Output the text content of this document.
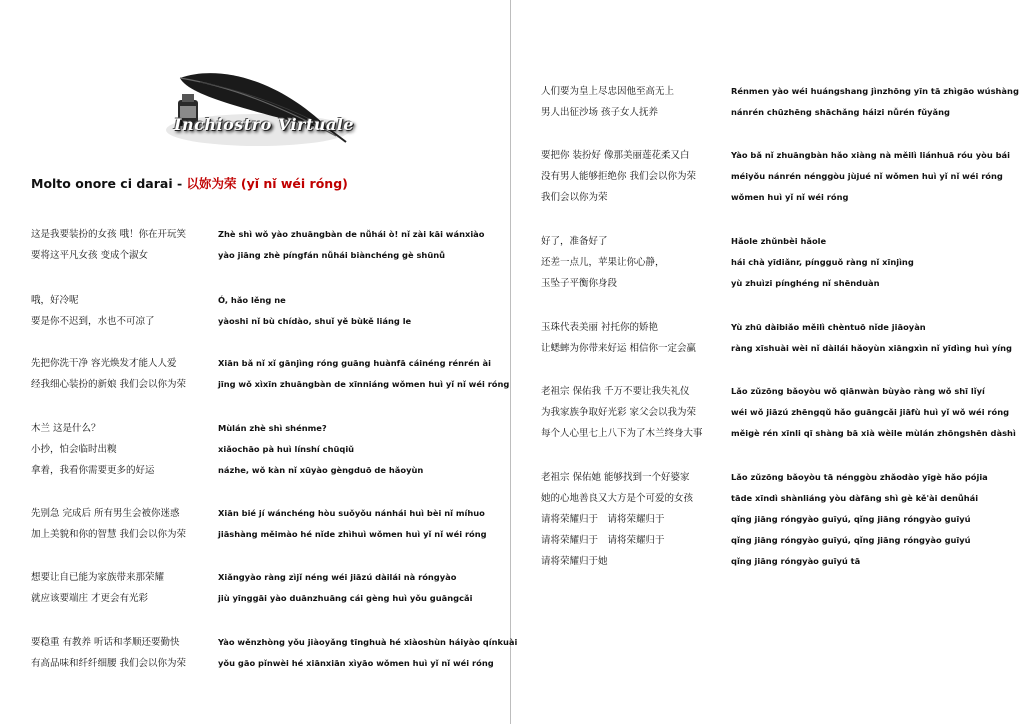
Inchiostro Virtuale
Molto onore ci darai - 以妳为荣 (yǐ nǐ wéi róng)
这是我要装扮的女孩 哦！你在开玩笑	Zhè shì wǒ yào zhuāngbàn de nǚhái ò! nǐ zài kāi wánxiào
要将这平凡女孩 变成个淑女	yào jiāng zhè píngfán nǚhái biànchéng gè shūnǚ
哦，好冷呢	Ó, hǎo lěng ne
要是你不迟到，水也不可凉了	yàoshi nǐ bù chídào, shuǐ yě bùkě liáng le
先把你洗干净 容光焕发才能人人爱	Xiān bǎ nǐ xǐ gānjìng róng guāng huànfā cáinéng rénrén ài
经我细心装扮的新娘 我们会以你为荣	jīng wǒ xìxīn zhuāngbàn de xīnniáng wǒmen huì yǐ nǐ wéi róng
木兰 这是什么？	Mùlán zhè shì shénme?
小抄，怕会临时出糗	xiǎochāo pà huì línshí chūqiǔ
拿着，我看你需要更多的好运	názhe, wǒ kàn nǐ xūyào gèngduō de hǎoyùn
先别急 完成后 所有男生会被你迷惑	Xiān bié jí wánchéng hòu suǒyǒu nánhái huì bèi nǐ míhuo
加上美貌和你的智慧 我们会以你为荣	jiāshàng měimào hé nǐde zhìhuì wǒmen huì yǐ nǐ wéi róng
想要让自已能为家族带来那荣耀	Xiǎngyào ràng zìjǐ néng wéi jiāzú dàilái nà róngyào
就应该要端庄 才更会有光彩	jiù yīnggāi yào duānzhuāng cái gèng huì yǒu guāngcǎi
要稳重 有教养 听话和孝顺还要勤快	Yào wěnzhòng yǒu jiàoyǎng tīnghuà hé xiàoshùn háiyào qínkuài
有高品味和纤纤细腰 我们会以你为荣	yǒu gāo pǐnwèi hé xiānxiān xìyāo wǒmen huì yǐ nǐ wéi róng
人们要为皇上尽忠因他至高无上	Rénmen yào wéi huángshang jìnzhōng yīn tā zhìgāo wúshàng
男人出征沙场 孩子女人抚养	nánrén chūzhēng shāchǎng háizi nǚrén fǔyǎng
要把你 装扮好 像那美丽莲花柔又白	Yào bǎ nǐ zhuāngbàn hǎo xiàng nà měilì liánhuā róu yòu bái
没有男人能够拒绝你 我们会以你为荣	méiyǒu nánrén nénggòu jùjué nǐ wǒmen huì yǐ nǐ wéi róng
我们会以你为荣	wǒmen huì yǐ nǐ wéi róng
好了，准备好了	Hǎole zhǔnbèi hǎole
还差一点儿，苹果让你心静，	hái chà yīdiǎnr, píngguǒ ràng nǐ xīnjìng
玉坠子平衡你身段	yù zhuìzi pínghéng nǐ shēnduàn
玉珠代表美丽 衬托你的娇艳	Yù zhū dàibiǎo měilì chèntuō nǐde jiāoyàn
让蟋蟀为你带来好运 相信你一定会赢	ràng xīshuài wèi nǐ dàilái hǎoyùn xiāngxìn nǐ yīdìng huì yíng
老祖宗 保佑我 千万不要让我失礼仪	Lǎo zǔzōng bǎoyòu wǒ qiānwàn bùyào ràng wǒ shī lǐyí
为我家族争取好光彩 家父会以我为荣	wéi wǒ jiāzú zhēngqǔ hǎo guāngcǎi jiāfù huì yǐ wǒ wéi róng
每个人心里七上八下为了木兰终身大事	měigè rén xīnli qī shàng bā xià wèile mùlán zhōngshēn dàshì
老祖宗 保佑她 能够找到一个好婆家	Lǎo zǔzōng bǎoyòu tā nénggòu zhǎodào yīgè hǎo pójia
她的心地善良又大方是个可爱的女孩	tāde xīndì shànliáng yòu dàfāng shì gè kě'ài denǚhái
请将荣耀归于　请将荣耀归于	qǐng jiāng róngyào guīyú, qǐng jiāng róngyào guīyú
请将荣耀归于　请将荣耀归于	qǐng jiāng róngyào guīyú, qǐng jiāng róngyào guīyú
请将荣耀归于她	qǐng jiāng róngyào guīyú tā
